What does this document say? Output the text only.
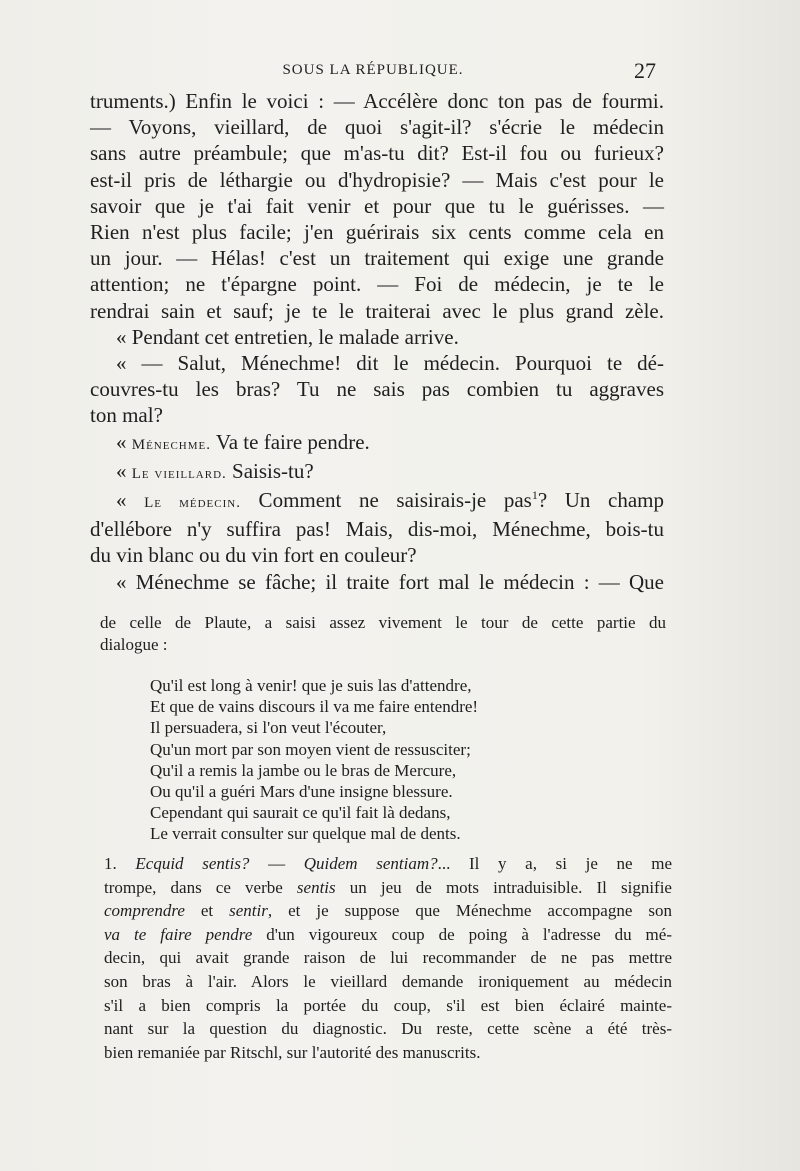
SOUS LA RÉPUBLIQUE.	27
truments.) Enfin le voici : — Accélère donc ton pas de fourmi.
— Voyons, vieillard, de quoi s'agit-il? s'écrie le médecin
sans autre préambule; que m'as-tu dit? Est-il fou ou furieux?
est-il pris de léthargie ou d'hydropisie? — Mais c'est pour le
savoir que je t'ai fait venir et pour que tu le guérisses. —
Rien n'est plus facile; j'en guérirais six cents comme cela en
un jour. — Hélas! c'est un traitement qui exige une grande
attention; ne t'épargne point. — Foi de médecin, je te le
rendrai sain et sauf; je te le traiterai avec le plus grand zèle.
« Pendant cet entretien, le malade arrive.
« — Salut, Ménechme! dit le médecin. Pourquoi te dé-
couvres-tu les bras? Tu ne sais pas combien tu aggraves
ton mal?
« Ménechme. Va te faire pendre.
« Le vieillard. Saisis-tu?
« Le médecin. Comment ne saisirais-je pas$^1$? Un champ
d'ellébore n'y suffira pas! Mais, dis-moi, Ménechme, bois-tu
du vin blanc ou du vin fort en couleur?
« Ménechme se fâche; il traite fort mal le médecin : — Que
de celle de Plaute, a saisi assez vivement le tour de cette partie du
dialogue :
Qu'il est long à venir! que je suis las d'attendre,
Et que de vains discours il va me faire entendre!
Il persuadera, si l'on veut l'écouter,
Qu'un mort par son moyen vient de ressusciter;
Qu'il a remis la jambe ou le bras de Mercure,
Ou qu'il a guéri Mars d'une insigne blessure.
Cependant qui saurait ce qu'il fait là dedans,
Le verrait consulter sur quelque mal de dents.
1. Ecquid sentis? — Quidem sentiam?... Il y a, si je ne me
trompe, dans ce verbe sentis un jeu de mots intraduisible. Il signifie
comprendre et sentir, et je suppose que Ménechme accompagne son
va te faire pendre d'un vigoureux coup de poing à l'adresse du mé-
decin, qui avait grande raison de lui recommander de ne pas mettre
son bras à l'air. Alors le vieillard demande ironiquement au médecin
s'il a bien compris la portée du coup, s'il est bien éclairé mainte-
nant sur la question du diagnostic. Du reste, cette scène a été très-
bien remaniée par Ritschl, sur l'autorité des manuscrits.
